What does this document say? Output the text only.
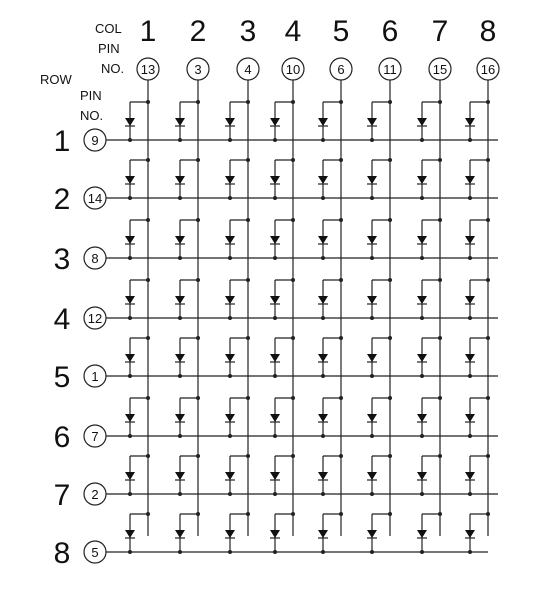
COL
PIN
NO.
ROW
PIN
NO.
1
13
2
3
3
4
4
10
5
6
6
11
7
15
8
16
1 9
2 14
3 8
4 12
5 1
6 7
7 2
8 5
